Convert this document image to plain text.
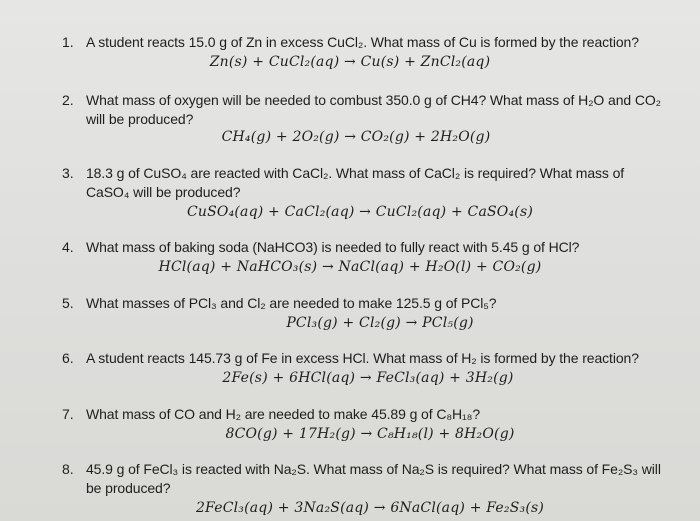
1. A student reacts 15.0 g of Zn in excess CuCl₂. What mass of Cu is formed by the reaction?
Zn(s) + CuCl₂(aq) → Cu(s) + ZnCl₂(aq)
2. What mass of oxygen will be needed to combust 350.0 g of CH4? What mass of H₂O and CO₂ will be produced?
CH₄(g) + 2O₂(g) → CO₂(g) + 2H₂O(g)
3. 18.3 g of CuSO₄ are reacted with CaCl₂. What mass of CaCl₂ is required? What mass of CaSO₄ will be produced?
CuSO₄(aq) + CaCl₂(aq) → CuCl₂(aq) + CaSO₄(s)
4. What mass of baking soda (NaHCO3) is needed to fully react with 5.45 g of HCl?
HCl(aq) + NaHCO₃(s) → NaCl(aq) + H₂O(l) + CO₂(g)
5. What masses of PCl₃ and Cl₂ are needed to make 125.5 g of PCl₅?
PCl₃(g) + Cl₂(g) → PCl₅(g)
6. A student reacts 145.73 g of Fe in excess HCl. What mass of H₂ is formed by the reaction?
2Fe(s) + 6HCl(aq) → FeCl₃(aq) + 3H₂(g)
7. What mass of CO and H₂ are needed to make 45.89 g of C₈H₁₈?
8CO(g) + 17H₂(g) → C₈H₁₈(l) + 8H₂O(g)
8. 45.9 g of FeCl₃ is reacted with Na₂S. What mass of Na₂S is required? What mass of Fe₂S₃ will be produced?
2FeCl₃(aq) + 3Na₂S(aq) → 6NaCl(aq) + Fe₂S₃(s)
